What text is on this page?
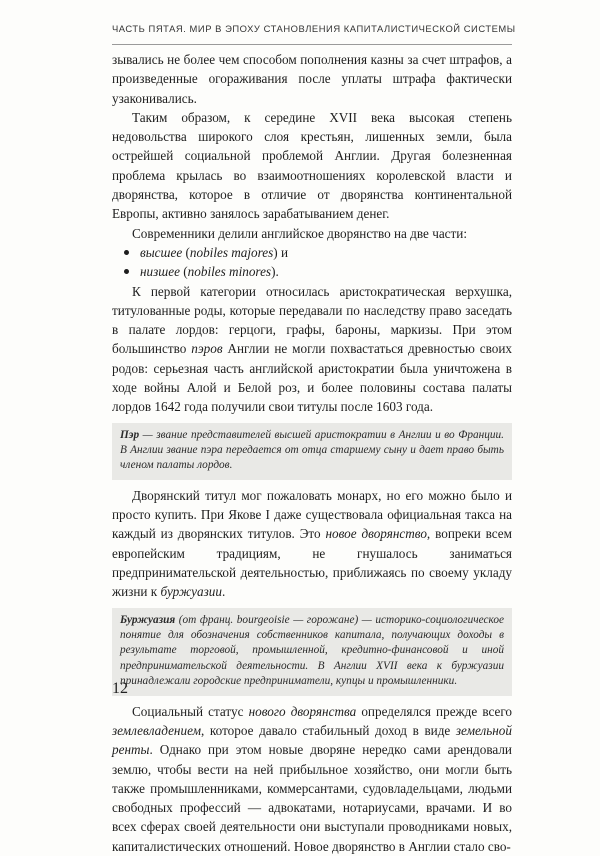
ЧАСТЬ ПЯТАЯ. МИР В ЭПОХУ СТАНОВЛЕНИЯ КАПИТАЛИСТИЧЕСКОЙ СИСТЕМЫ

зывались не более чем способом пополнения казны за счет штрафов, а произведенные огораживания после уплаты штрафа фактически узаконивались.

Таким образом, к середине XVII века высокая степень недовольства широкого слоя крестьян, лишенных земли, была острейшей социальной проблемой Англии. Другая болезненная проблема крылась во взаимоотношениях королевской власти и дворянства, которое в отличие от дворянства континентальной Европы, активно занялось зарабатыванием денег.

Современники делили английское дворянство на две части:

высшее (nobiles majores) и
низшее (nobiles minores).

К первой категории относилась аристократическая верхушка, титулованные роды, которые передавали по наследству право заседать в палате лордов: герцоги, графы, бароны, маркизы. При этом большинство пэров Англии не могли похвастаться древностью своих родов: серьезная часть английской аристократии была уничтожена в ходе войны Алой и Белой роз, и более половины состава палаты лордов 1642 года получили свои титулы после 1603 года.

Пэр — звание представителей высшей аристократии в Англии и во Франции. В Англии звание пэра передается от отца старшему сыну и дает право быть членом палаты лордов.

Дворянский титул мог пожаловать монарх, но его можно было и просто купить. При Якове I даже существовала официальная такса на каждый из дворянских титулов. Это новое дворянство, вопреки всем европейским традициям, не гнушалось заниматься предпринимательской деятельностью, приближаясь по своему укладу жизни к буржуазии.

Буржуазия (от франц. bourgeoisie — горожане) — историко-социологическое понятие для обозначения собственников капитала, получающих доходы в результате торговой, промышленной, кредитно-финансовой и иной предпринимательской деятельности. В Англии XVII века к буржуазии принадлежали городские предприниматели, купцы и промышленники.

Социальный статус нового дворянства определялся прежде всего землевладением, которое давало стабильный доход в виде земельной ренты. Однако при этом новые дворяне нередко сами арендовали землю, чтобы вести на ней прибыльное хозяйство, они могли быть также промышленниками, коммерсантами, судовладельцами, людьми свободных профессий — адвокатами, нотариусами, врачами. И во всех сферах своей деятельности они выступали проводниками новых, капиталистических отношений. Новое дворянство в Англии стало сво-

12
